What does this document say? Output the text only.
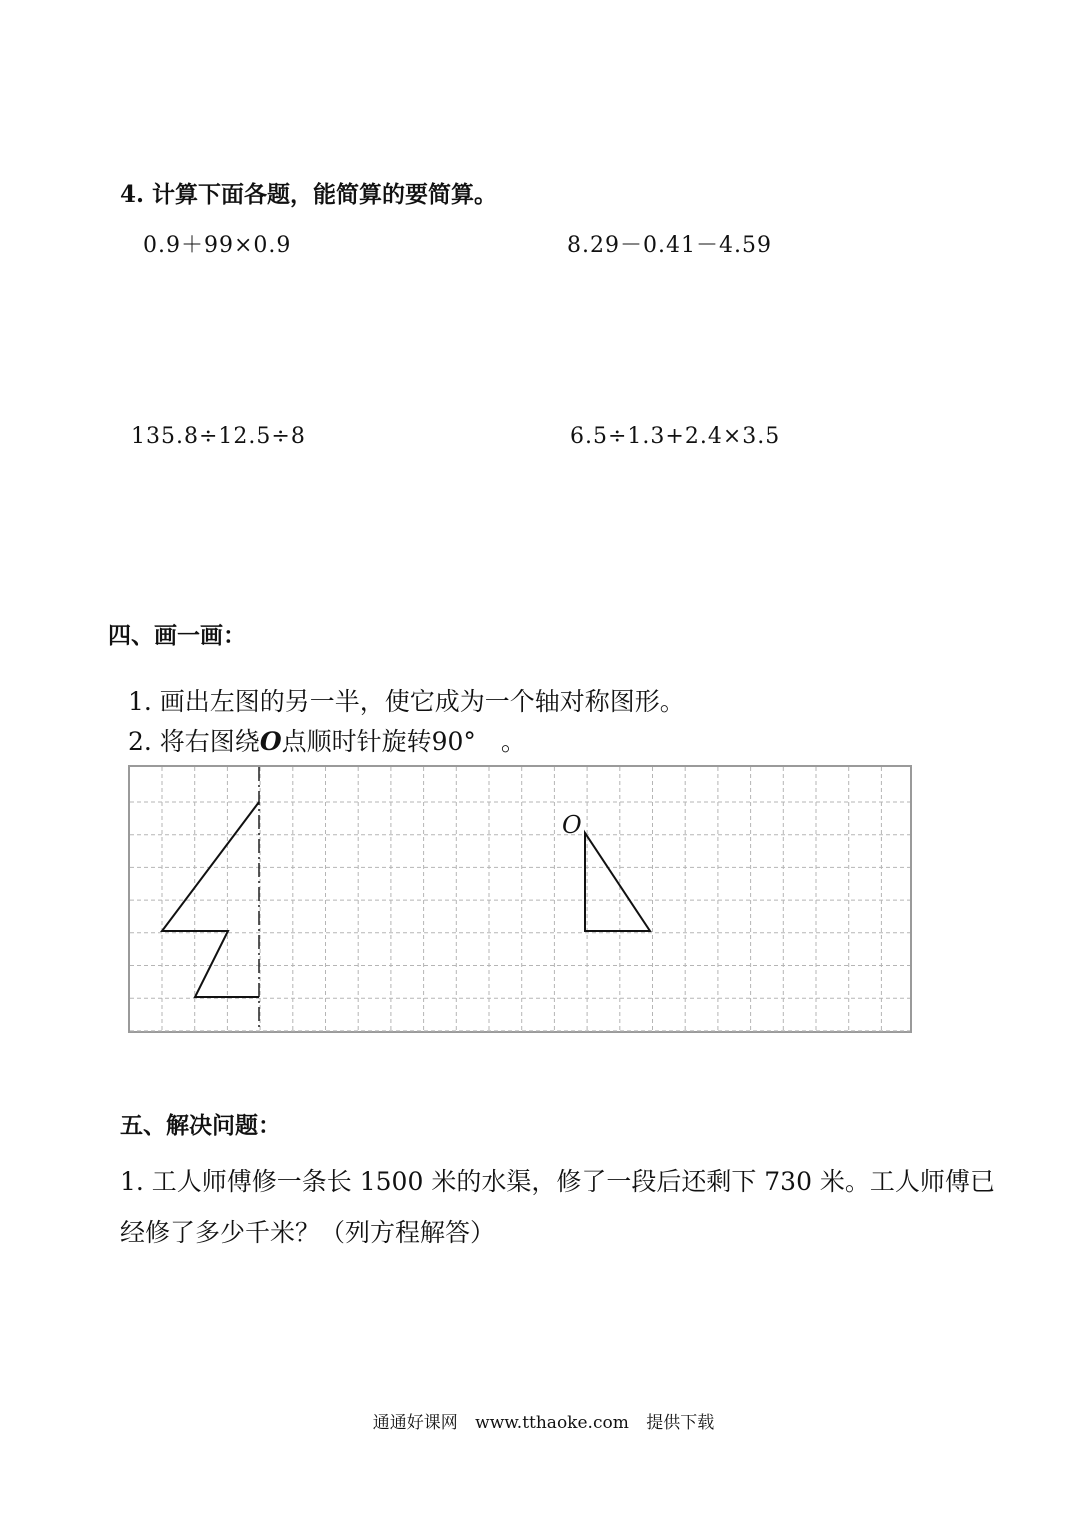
4. 计算下面各题，能简算的要简算。
0.9＋99×0.9	8.29－0.41－4.59
135.8÷12.5÷8	6.5÷1.3+2.4×3.5
四、画一画：
1. 画出左图的另一半，使它成为一个轴对称图形。
2. 将右图绕O点顺时针旋转90°　。
O
五、解决问题：
1. 工人师傅修一条长 1500 米的水渠，修了一段后还剩下 730 米。工人师傅已经修了多少千米？（列方程解答）
通通好课网 www.tthaoke.com 提供下载
